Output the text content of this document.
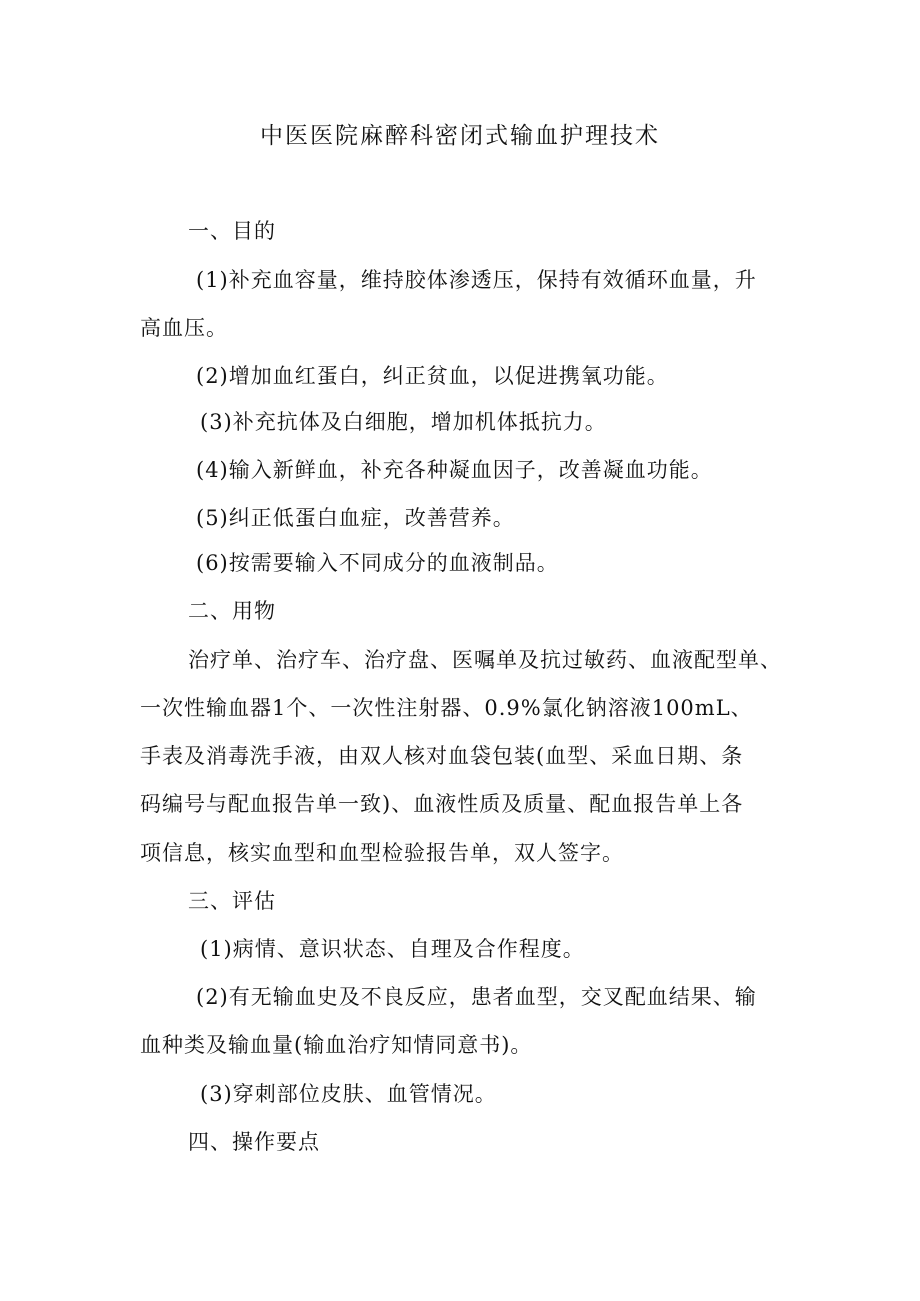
中医医院麻醉科密闭式输血护理技术
一、目的
(1)补充血容量，维持胶体渗透压，保持有效循环血量，升
高血压。
(2)增加血红蛋白，纠正贫血，以促进携氧功能。
(3)补充抗体及白细胞，增加机体抵抗力。
(4)输入新鲜血，补充各种凝血因子，改善凝血功能。
(5)纠正低蛋白血症，改善营养。
(6)按需要输入不同成分的血液制品。
二、用物
治疗单、治疗车、治疗盘、医嘱单及抗过敏药、血液配型单、
一次性输血器1个、一次性注射器、0.9%氯化钠溶液100mL、
手表及消毒洗手液，由双人核对血袋包装(血型、采血日期、条
码编号与配血报告单一致)、血液性质及质量、配血报告单上各
项信息，核实血型和血型检验报告单，双人签字。
三、评估
(1)病情、意识状态、自理及合作程度。
(2)有无输血史及不良反应，患者血型，交叉配血结果、输
血种类及输血量(输血治疗知情同意书)。
(3)穿刺部位皮肤、血管情况。
四、操作要点
